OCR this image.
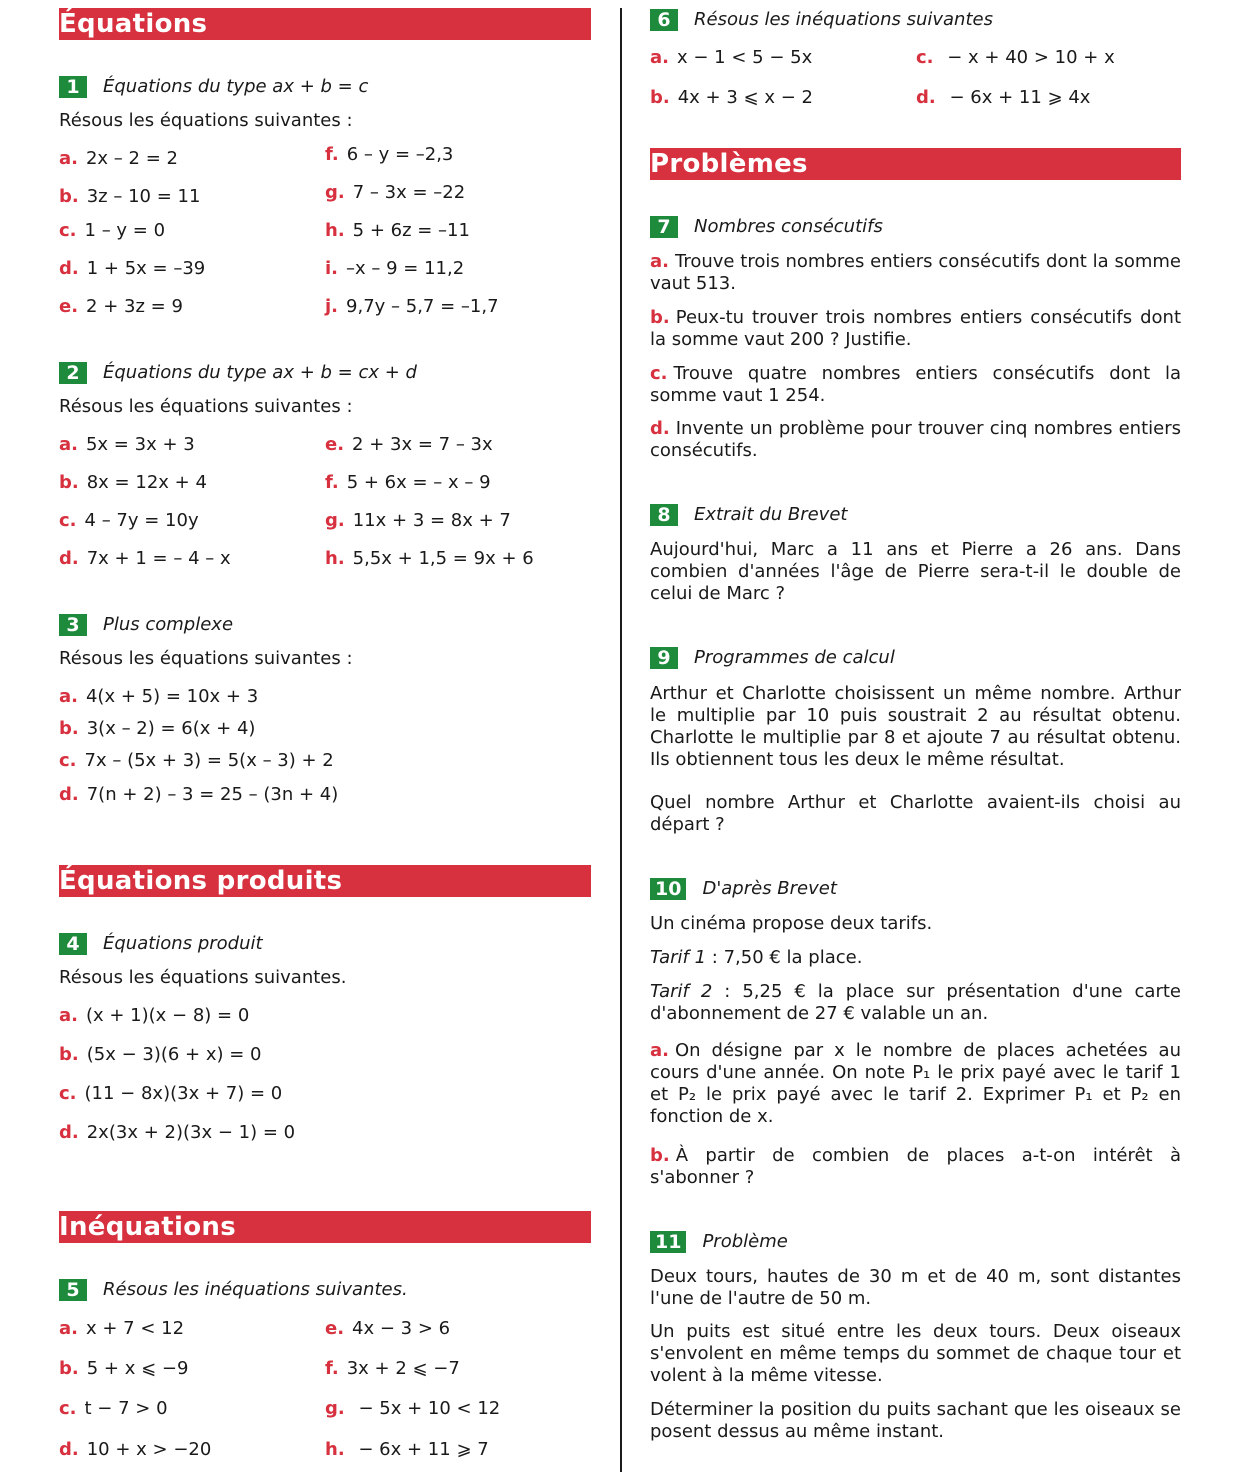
Équations
1 Équations du type ax + b = c
Résous les équations suivantes :
a. 2x – 2 = 2
b. 3z – 10 = 11
c. 1 – y = 0
d. 1 + 5x = –39
e. 2 + 3z = 9
f. 6 – y = –2,3
g. 7 – 3x = –22
h. 5 + 6z = –11
i. –x – 9 = 11,2
j. 9,7y – 5,7 = –1,7
2 Équations du type ax + b = cx + d
Résous les équations suivantes :
a. 5x = 3x + 3
b. 8x = 12x + 4
c. 4 – 7y = 10y
d. 7x + 1 = – 4 – x
e. 2 + 3x = 7 – 3x
f. 5 + 6x = – x – 9
g. 11x + 3 = 8x + 7
h. 5,5x + 1,5 = 9x + 6
3 Plus complexe
Résous les équations suivantes :
a. 4(x + 5) = 10x + 3
b. 3(x – 2) = 6(x + 4)
c. 7x – (5x + 3) = 5(x – 3) + 2
d. 7(n + 2) – 3 = 25 – (3n + 4)
Équations produits
4 Équations produit
Résous les équations suivantes.
a. (x + 1)(x − 8) = 0
b. (5x − 3)(6 + x) = 0
c. (11 − 8x)(3x + 7) = 0
d. 2x(3x + 2)(3x − 1) = 0
Inéquations
5 Résous les inéquations suivantes.
a. x + 7 < 12
b. 5 + x ⩽ −9
c. t − 7 > 0
d. 10 + x > −20
e. 4x − 3 > 6
f. 3x + 2 ⩽ −7
g. − 5x + 10 < 12
h. − 6x + 11 ⩾ 7
6 Résous les inéquations suivantes
a. x − 1 < 5 − 5x
b. 4x + 3 ⩽ x − 2
c. − x + 40 > 10 + x
d. − 6x + 11 ⩾ 4x
Problèmes
7 Nombres consécutifs
a. Trouve trois nombres entiers consécutifs dont la somme vaut 513.
b. Peux-tu trouver trois nombres entiers consécutifs dont la somme vaut 200 ? Justifie.
c. Trouve quatre nombres entiers consécutifs dont la somme vaut 1 254.
d. Invente un problème pour trouver cinq nombres entiers consécutifs.
8 Extrait du Brevet
Aujourd'hui, Marc a 11 ans et Pierre a 26 ans. Dans combien d'années l'âge de Pierre sera-t-il le double de celui de Marc ?
9 Programmes de calcul
Arthur et Charlotte choisissent un même nombre. Arthur le multiplie par 10 puis soustrait 2 au résultat obtenu. Charlotte le multiplie par 8 et ajoute 7 au résultat obtenu. Ils obtiennent tous les deux le même résultat.
Quel nombre Arthur et Charlotte avaient-ils choisi au départ ?
10 D'après Brevet
Un cinéma propose deux tarifs.
Tarif 1 : 7,50 € la place.
Tarif 2 : 5,25 € la place sur présentation d'une carte d'abonnement de 27 € valable un an.
a. On désigne par x le nombre de places achetées au cours d'une année. On note P₁ le prix payé avec le tarif 1 et P₂ le prix payé avec le tarif 2. Exprimer P₁ et P₂ en fonction de x.
b. À partir de combien de places a-t-on intérêt à s'abonner ?
11 Problème
Deux tours, hautes de 30 m et de 40 m, sont distantes l'une de l'autre de 50 m.
Un puits est situé entre les deux tours. Deux oiseaux s'envolent en même temps du sommet de chaque tour et volent à la même vitesse.
Déterminer la position du puits sachant que les oiseaux se posent dessus au même instant.
